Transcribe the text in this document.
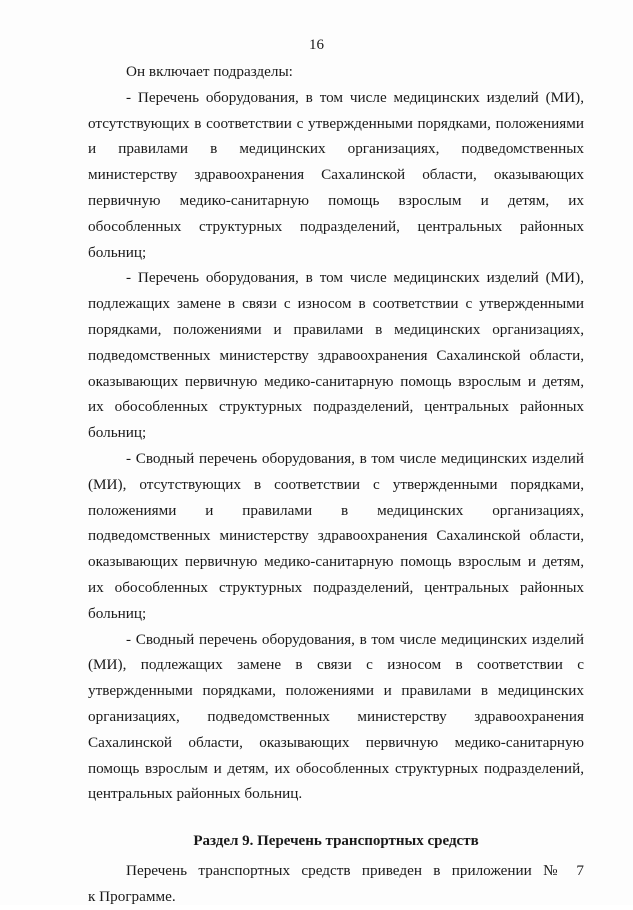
16

Он включает подразделы:

- Перечень оборудования, в том числе медицинских изделий (МИ), отсутствующих в соответствии с утвержденными порядками, положениями и правилами в медицинских организациях, подведомственных министерству здравоохранения Сахалинской области, оказывающих первичную медико-санитарную помощь взрослым и детям, их обособленных структурных подразделений, центральных районных больниц;

- Перечень оборудования, в том числе медицинских изделий (МИ), подлежащих замене в связи с износом в соответствии с утвержденными порядками, положениями и правилами в медицинских организациях, подведомственных министерству здравоохранения Сахалинской области, оказывающих первичную медико-санитарную помощь взрослым и детям, их обособленных структурных подразделений, центральных районных больниц;

- Сводный перечень оборудования, в том числе медицинских изделий (МИ), отсутствующих в соответствии с утвержденными порядками, положениями и правилами в медицинских организациях, подведомственных министерству здравоохранения Сахалинской области, оказывающих первичную медико-санитарную помощь взрослым и детям, их обособленных структурных подразделений, центральных районных больниц;

- Сводный перечень оборудования, в том числе медицинских изделий (МИ), подлежащих замене в связи с износом в соответствии с утвержденными порядками, положениями и правилами в медицинских организациях, подведомственных министерству здравоохранения Сахалинской области, оказывающих первичную медико-санитарную помощь взрослым и детям, их обособленных структурных подразделений, центральных районных больниц.

Раздел 9. Перечень транспортных средств

Перечень транспортных средств приведен в приложении № 7

к Программе.
